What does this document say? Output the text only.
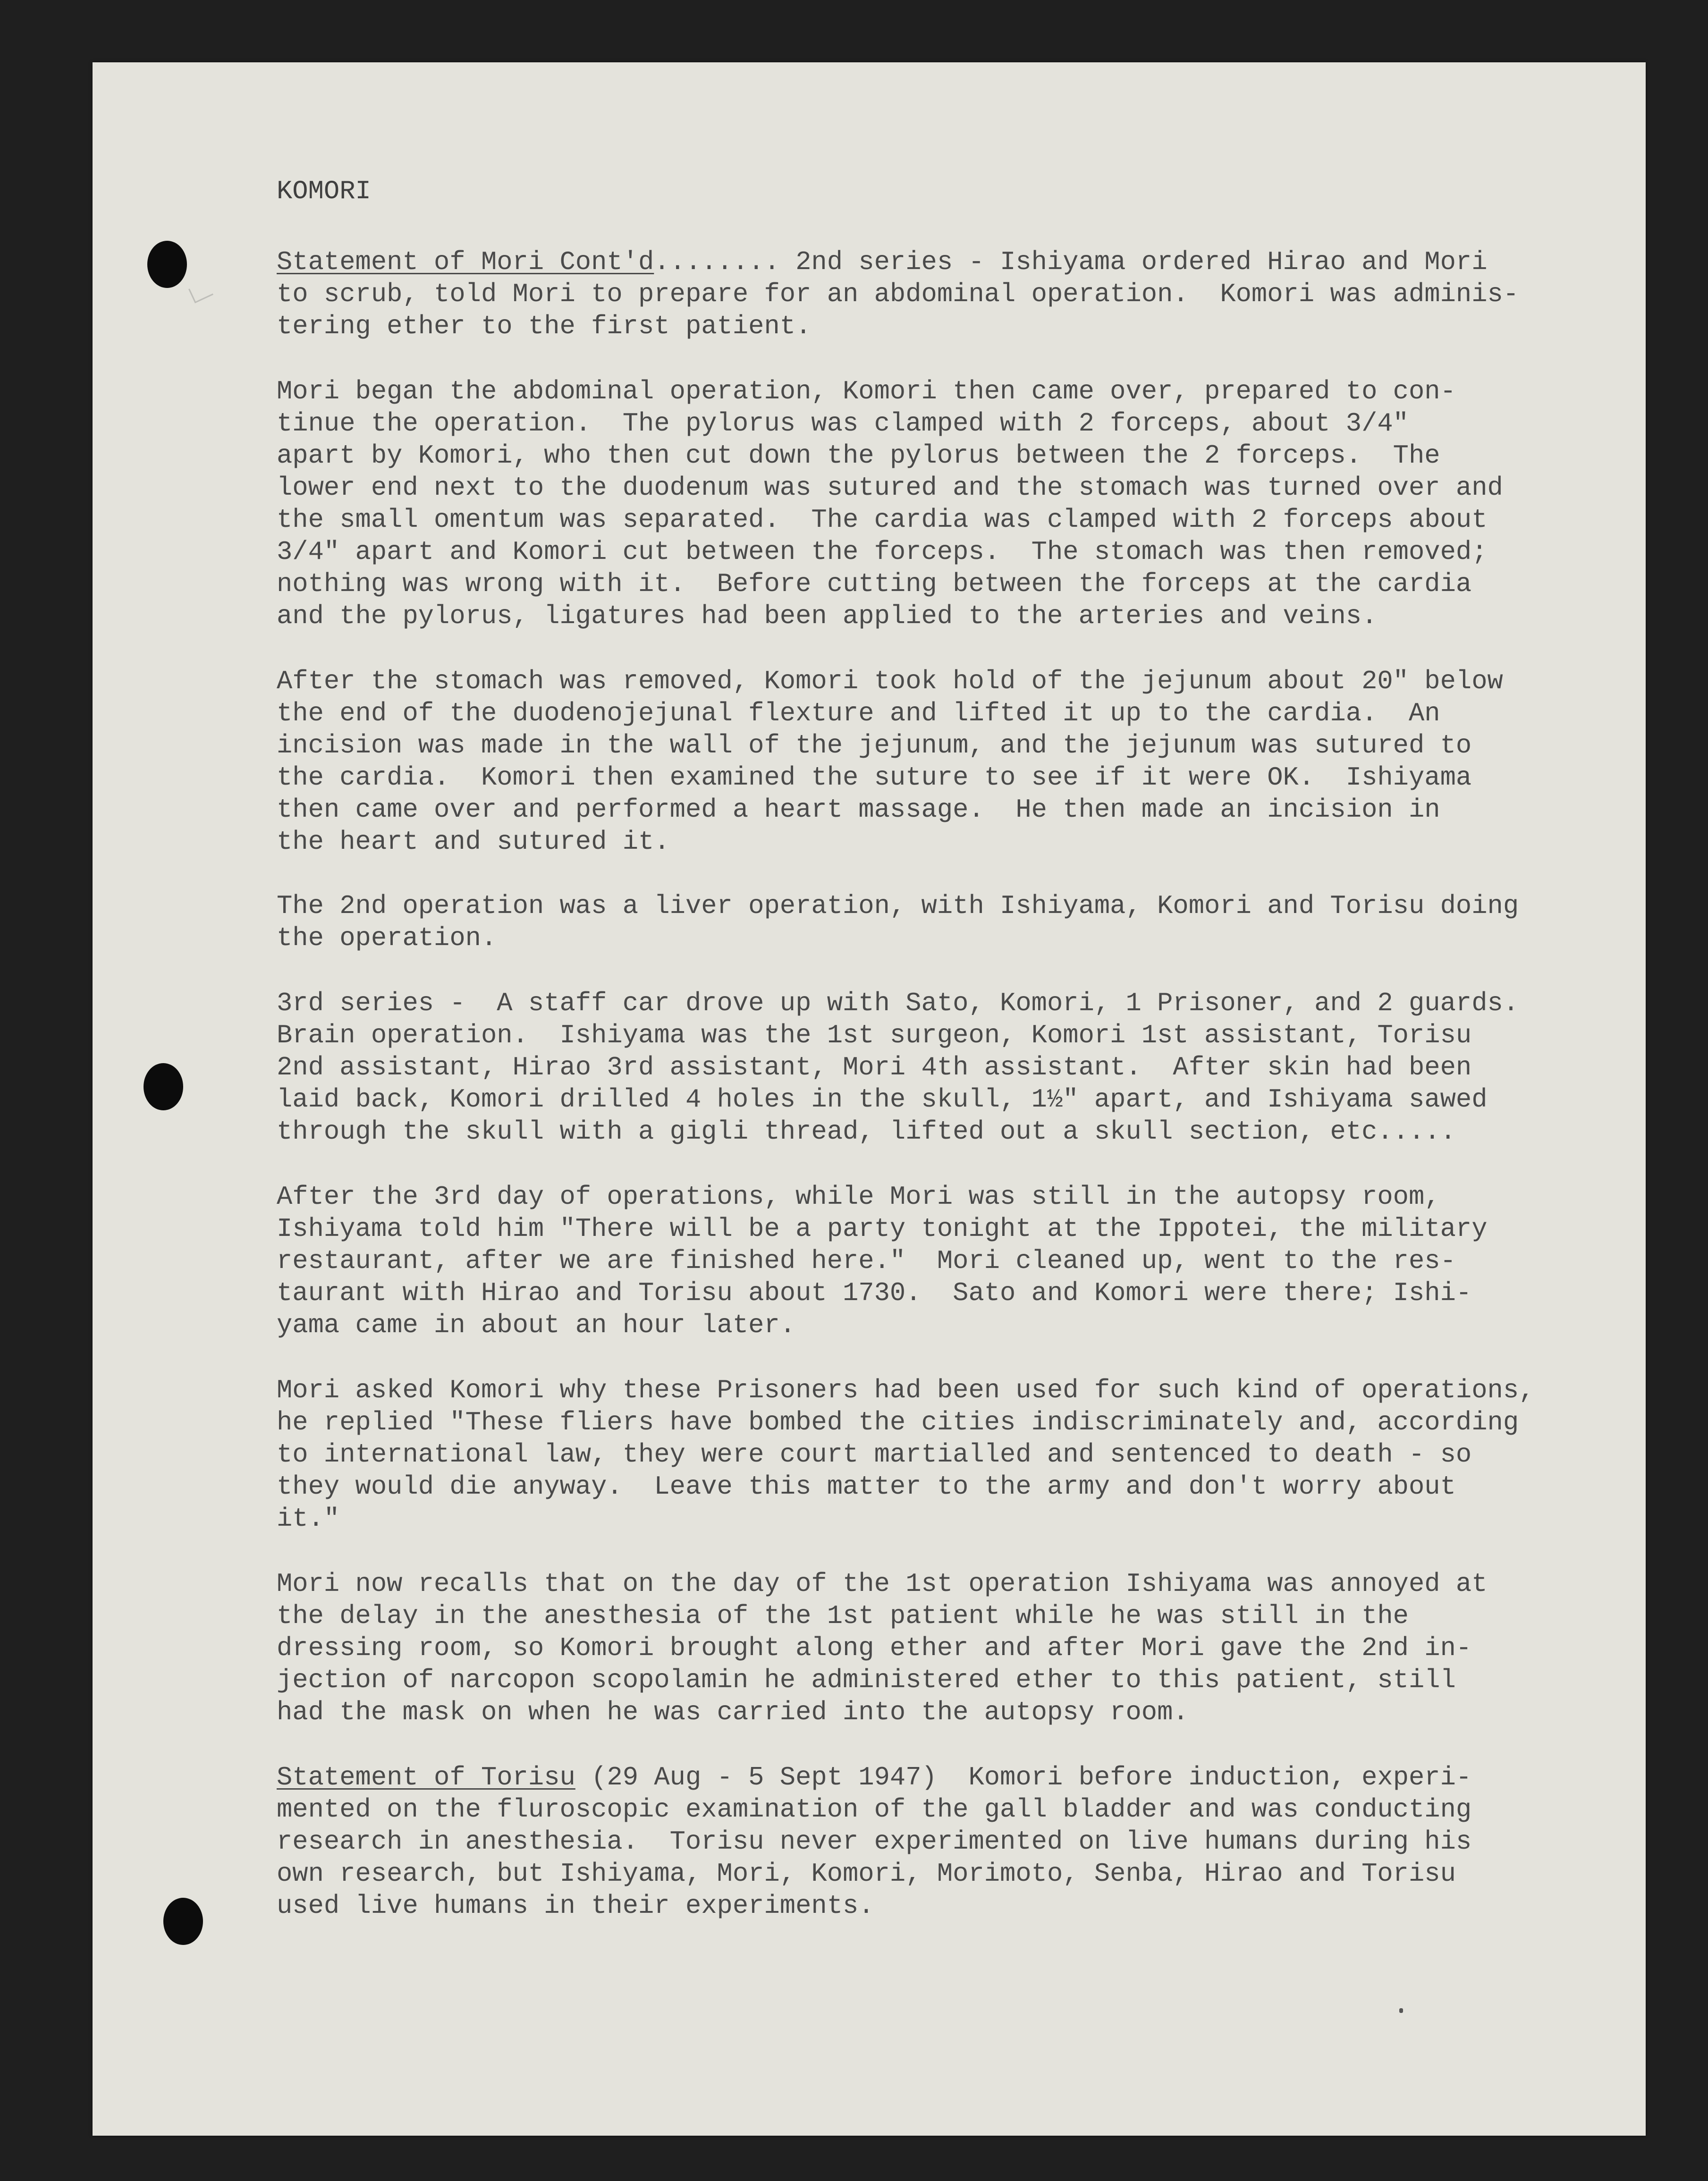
KOMORI
Statement of Mori Cont'd........ 2nd series - Ishiyama ordered Hirao and Mori
to scrub, told Mori to prepare for an abdominal operation.  Komori was adminis-
tering ether to the first patient.
Mori began the abdominal operation, Komori then came over, prepared to con-
tinue the operation.  The pylorus was clamped with 2 forceps, about 3/4"
apart by Komori, who then cut down the pylorus between the 2 forceps.  The
lower end next to the duodenum was sutured and the stomach was turned over and
the small omentum was separated.  The cardia was clamped with 2 forceps about
3/4" apart and Komori cut between the forceps.  The stomach was then removed;
nothing was wrong with it.  Before cutting between the forceps at the cardia
and the pylorus, ligatures had been applied to the arteries and veins.
After the stomach was removed, Komori took hold of the jejunum about 20" below
the end of the duodenojejunal flexture and lifted it up to the cardia.  An
incision was made in the wall of the jejunum, and the jejunum was sutured to
the cardia.  Komori then examined the suture to see if it were OK.  Ishiyama
then came over and performed a heart massage.  He then made an incision in
the heart and sutured it.
The 2nd operation was a liver operation, with Ishiyama, Komori and Torisu doing
the operation.
3rd series -  A staff car drove up with Sato, Komori, 1 Prisoner, and 2 guards.
Brain operation.  Ishiyama was the 1st surgeon, Komori 1st assistant, Torisu
2nd assistant, Hirao 3rd assistant, Mori 4th assistant.  After skin had been
laid back, Komori drilled 4 holes in the skull, 1½" apart, and Ishiyama sawed
through the skull with a gigli thread, lifted out a skull section, etc.....
After the 3rd day of operations, while Mori was still in the autopsy room,
Ishiyama told him "There will be a party tonight at the Ippotei, the military
restaurant, after we are finished here."  Mori cleaned up, went to the res-
taurant with Hirao and Torisu about 1730.  Sato and Komori were there; Ishi-
yama came in about an hour later.
Mori asked Komori why these Prisoners had been used for such kind of operations,
he replied "These fliers have bombed the cities indiscriminately and, according
to international law, they were court martialled and sentenced to death - so
they would die anyway.  Leave this matter to the army and don't worry about
it."
Mori now recalls that on the day of the 1st operation Ishiyama was annoyed at
the delay in the anesthesia of the 1st patient while he was still in the
dressing room, so Komori brought along ether and after Mori gave the 2nd in-
jection of narcopon scopolamin he administered ether to this patient, still
had the mask on when he was carried into the autopsy room.
Statement of Torisu (29 Aug - 5 Sept 1947)  Komori before induction, experi-
mented on the fluroscopic examination of the gall bladder and was conducting
research in anesthesia.  Torisu never experimented on live humans during his
own research, but Ishiyama, Mori, Komori, Morimoto, Senba, Hirao and Torisu
used live humans in their experiments.
